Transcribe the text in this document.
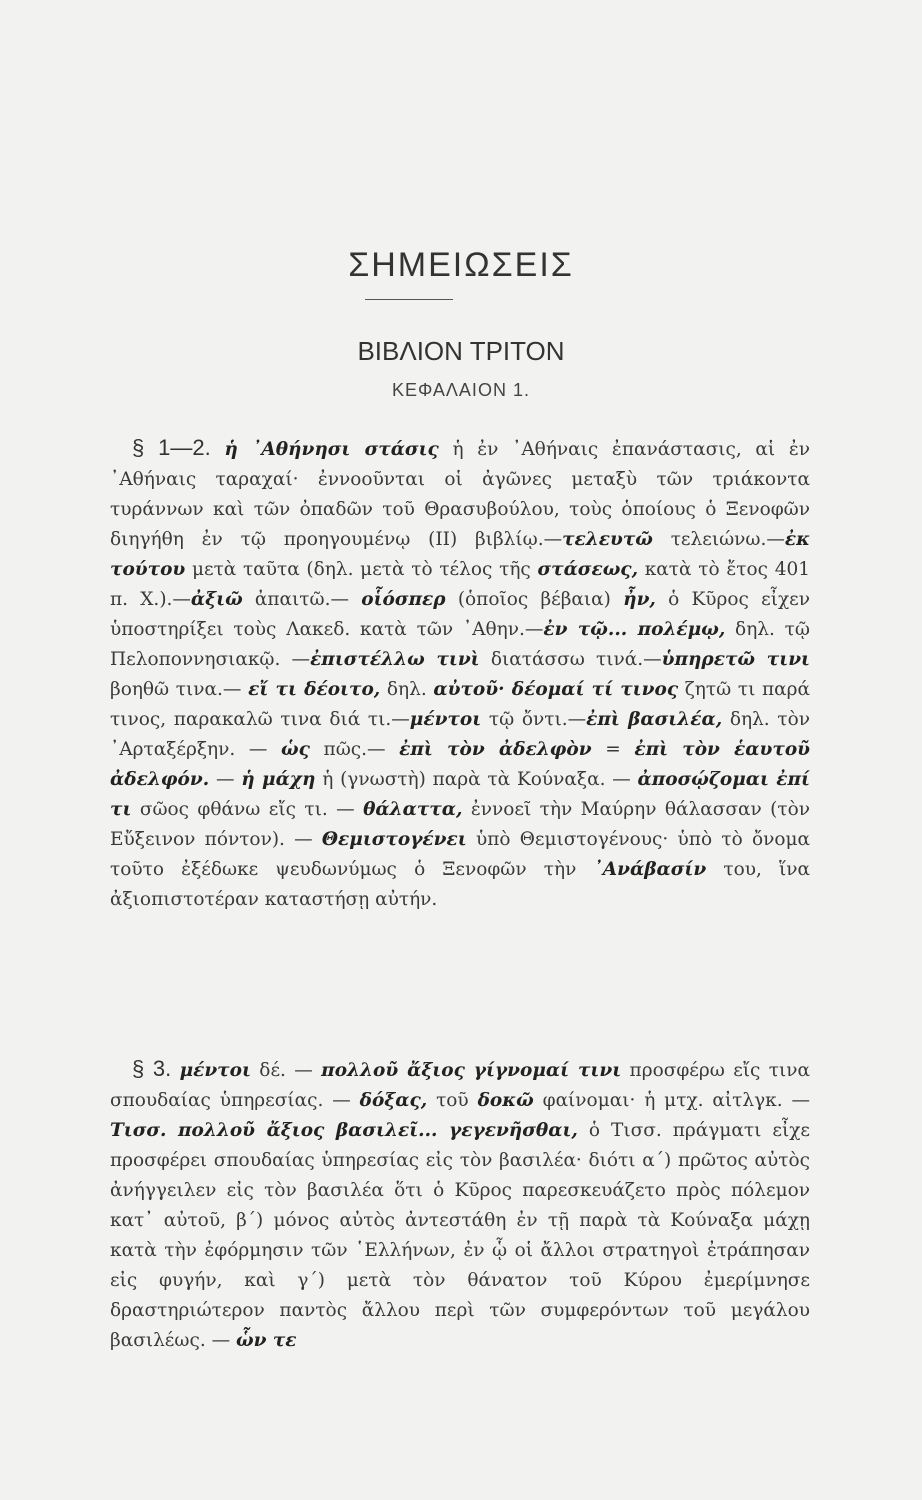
ΣΗΜΕΙΩΣΕΙΣ
ΒΙΒΛΙΟΝ ΤΡΙΤΟΝ
ΚΕΦΑΛΑΙΟΝ 1.

§ 1—2. ἡ ᾿Αθήνησι στάσις ἡ ἐν ᾿Αθήναις ἐπανάστασις, αἱ ἐν ᾿Αθήναις ταραχαί· ἐννοοῦνται οἱ ἀγῶνες μεταξὺ τῶν τριάκοντα τυράννων καὶ τῶν ὀπαδῶν τοῦ Θρασυβούλου, τοὺς ὁποίους ὁ Ξενοφῶν διηγήθη ἐν τῷ προηγουμένῳ (ΙΙ) βιβλίῳ.—τελευτῶ τελειώνω.—ἐκ τούτου μετὰ ταῦτα (δηλ. μετὰ τὸ τέλος τῆς στάσεως, κατὰ τὸ ἔτος 401 π. Χ.).—ἀξιῶ ἀπαιτῶ.— οἷόσπερ (ὁποῖος βέβαια) ἦν, ὁ Κῦρος εἶχεν ὑποστηρίξει τοὺς Λακεδ. κατὰ τῶν ᾿Αθην.—ἐν τῷ... πολέμῳ, δηλ. τῷ Πελοποννησιακῷ. —ἐπιστέλλω τινὶ διατάσσω τινά.—ὑπηρετῶ τινι βοηθῶ τινα.— εἴ τι δέοιτο, δηλ. αὐτοῦ· δέομαί τί τινος ζητῶ τι παρά τινος, παρακαλῶ τινα διά τι.—μέντοι τῷ ὄντι.—ἐπὶ βασιλέα, δηλ. τὸν ᾿Αρταξέρξην. — ὡς πῶς.— ἐπὶ τὸν ἀδελφὸν = ἐπὶ τὸν ἑαυτοῦ ἀδελφόν. — ἡ μάχη ἡ (γνωστὴ) παρὰ τὰ Κούναξα. — ἀποσῴζομαι ἐπί τι σῶος φθάνω εἴς τι. — θάλαττα, ἐννοεῖ τὴν Μαύρην θάλασσαν (τὸν Εὔξεινον πόντον). — Θεμιστογένει ὑπὸ Θεμιστογένους· ὑπὸ τὸ ὄνομα τοῦτο ἐξέδωκε ψευδωνύμως ὁ Ξενοφῶν τὴν ᾿Ανάβασίν του, ἵνα ἀξιοπιστοτέραν καταστήσῃ αὐτήν.

§ 3. μέντοι δέ. — πολλοῦ ἄξιος γίγνομαί τινι προσφέρω εἴς τινα σπουδαίας ὑπηρεσίας. — δόξας, τοῦ δοκῶ φαίνομαι· ἡ μτχ. αἰτλγκ. — Τισσ. πολλοῦ ἄξιος βασιλεῖ... γεγενῆσθαι, ὁ Τισσ. πράγματι εἶχε προσφέρει σπουδαίας ὑπηρεσίας εἰς τὸν βασιλέα· διότι α΄) πρῶτος αὐτὸς ἀνήγγειλεν εἰς τὸν βασιλέα ὅτι ὁ Κῦρος παρεσκευάζετο πρὸς πόλεμον κατ᾿ αὐτοῦ, β΄) μόνος αὐτὸς ἀντεστάθη ἐν τῇ παρὰ τὰ Κούναξα μάχῃ κατὰ τὴν ἐφόρμησιν τῶν ῾Ελλήνων, ἐν ᾧ οἱ ἄλλοι στρατηγοὶ ἐτράπησαν εἰς φυγήν, καὶ γ΄) μετὰ τὸν θάνατον τοῦ Κύρου ἐμερίμνησε δραστηριώτερον παντὸς ἄλλου περὶ τῶν συμφερόντων τοῦ μεγάλου βασιλέως. — ὧν τε
